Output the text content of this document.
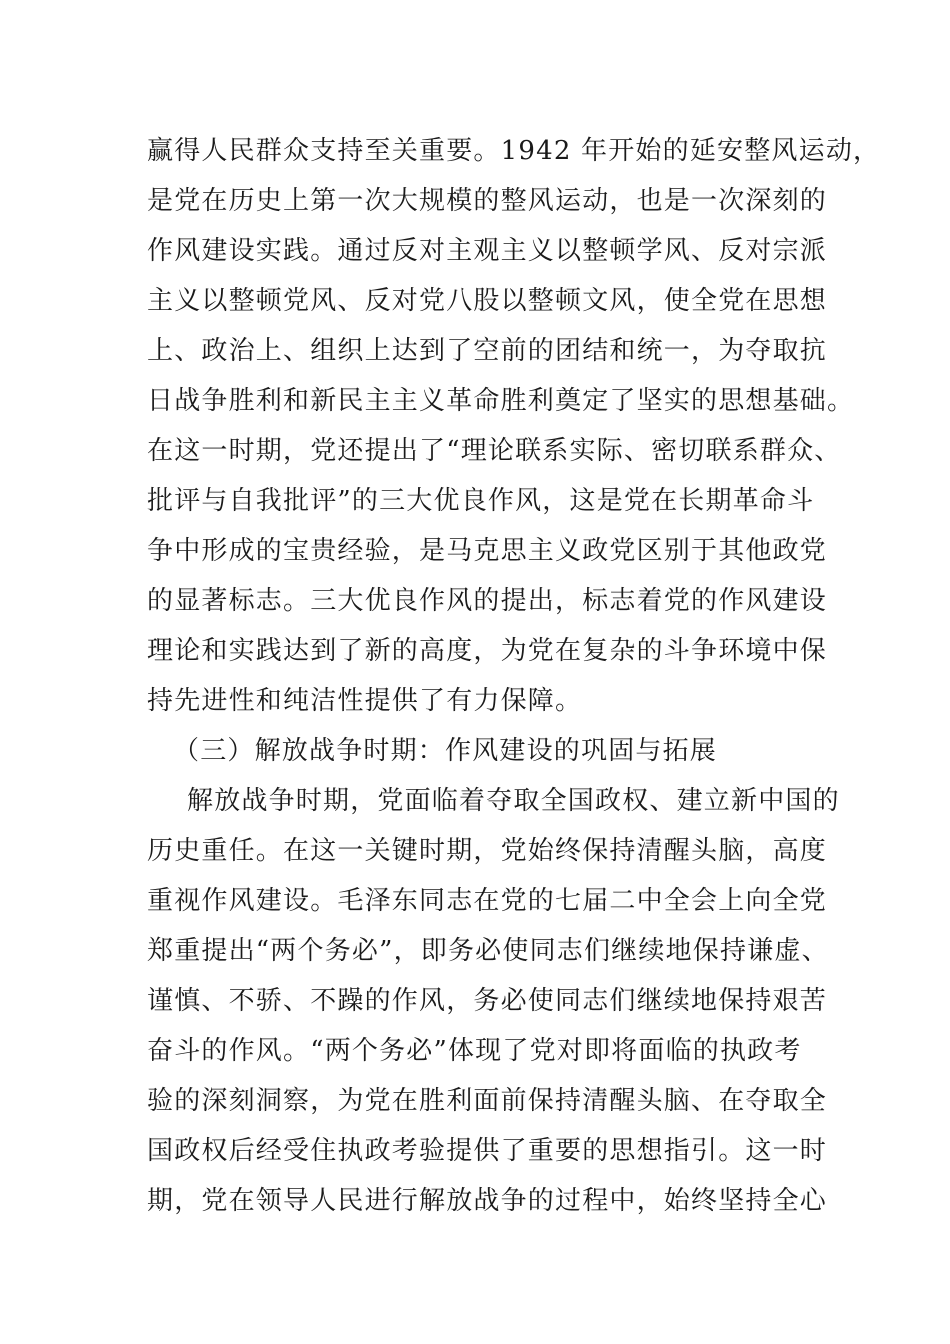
赢得人民群众支持至关重要。1942 年开始的延安整风运动，
是党在历史上第一次大规模的整风运动，也是一次深刻的
作风建设实践。通过反对主观主义以整顿学风、反对宗派
主义以整顿党风、反对党八股以整顿文风，使全党在思想
上、政治上、组织上达到了空前的团结和统一，为夺取抗
日战争胜利和新民主主义革命胜利奠定了坚实的思想基础。
在这一时期，党还提出了“理论联系实际、密切联系群众、
批评与自我批评”的三大优良作风，这是党在长期革命斗
争中形成的宝贵经验，是马克思主义政党区别于其他政党
的显著标志。三大优良作风的提出，标志着党的作风建设
理论和实践达到了新的高度，为党在复杂的斗争环境中保
持先进性和纯洁性提供了有力保障。
（三）解放战争时期：作风建设的巩固与拓展
解放战争时期，党面临着夺取全国政权、建立新中国的
历史重任。在这一关键时期，党始终保持清醒头脑，高度
重视作风建设。毛泽东同志在党的七届二中全会上向全党
郑重提出“两个务必”，即务必使同志们继续地保持谦虚、
谨慎、不骄、不躁的作风，务必使同志们继续地保持艰苦
奋斗的作风。“两个务必”体现了党对即将面临的执政考
验的深刻洞察，为党在胜利面前保持清醒头脑、在夺取全
国政权后经受住执政考验提供了重要的思想指引。这一时
期，党在领导人民进行解放战争的过程中，始终坚持全心
